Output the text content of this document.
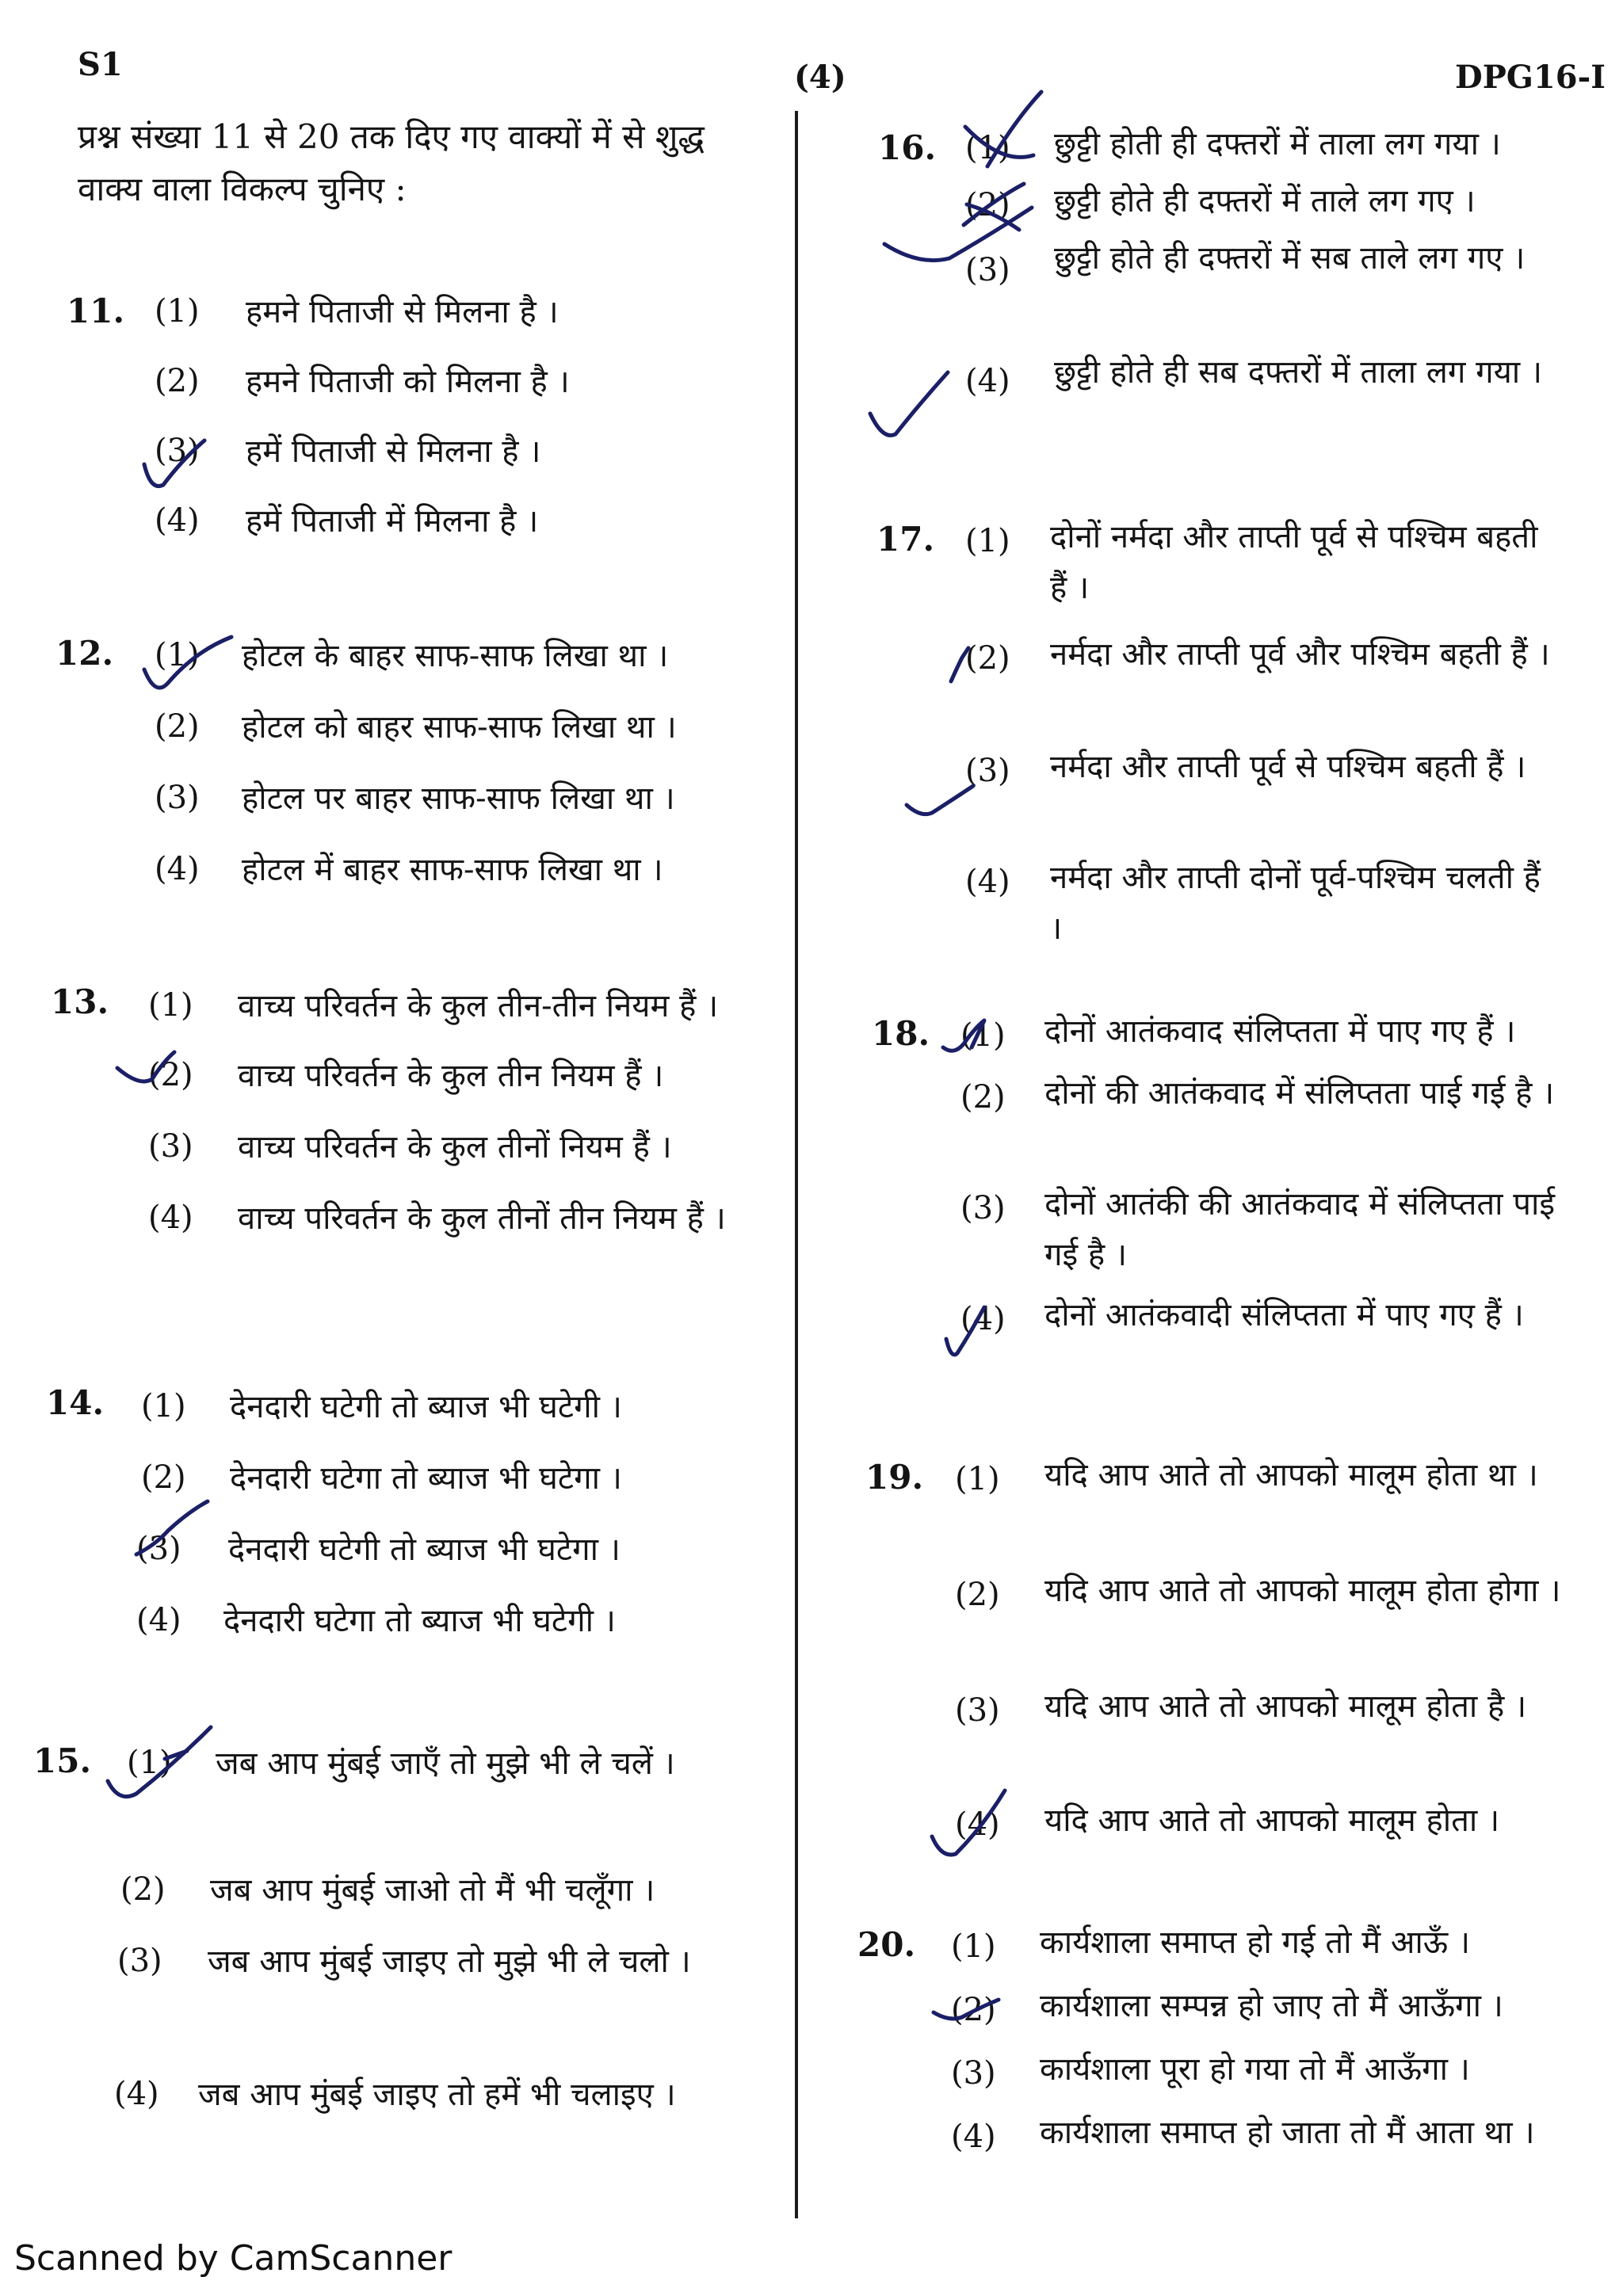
S1	(4)	DPG16-I
प्रश्न संख्या 11 से 20 तक दिए गए वाक्यों में से शुद्ध वाक्य वाला विकल्प चुनिए :
11. (1) हमने पिताजी से मिलना है ।
(2) हमने पिताजी को मिलना है ।
(3) हमें पिताजी से मिलना है ।
(4) हमें पिताजी में मिलना है ।
12. (1) होटल के बाहर साफ-साफ लिखा था ।
(2) होटल को बाहर साफ-साफ लिखा था ।
(3) होटल पर बाहर साफ-साफ लिखा था ।
(4) होटल में बाहर साफ-साफ लिखा था ।
13. (1) वाच्य परिवर्तन के कुल तीन-तीन नियम हैं ।
(2) वाच्य परिवर्तन के कुल तीन नियम हैं ।
(3) वाच्य परिवर्तन के कुल तीनों नियम हैं ।
(4) वाच्य परिवर्तन के कुल तीनों तीन नियम हैं ।
14. (1) देनदारी घटेगी तो ब्याज भी घटेगी ।
(2) देनदारी घटेगा तो ब्याज भी घटेगा ।
(3) देनदारी घटेगी तो ब्याज भी घटेगा ।
(4) देनदारी घटेगा तो ब्याज भी घटेगी ।
15. (1) जब आप मुंबई जाएँ तो मुझे भी ले चलें ।
(2) जब आप मुंबई जाओ तो मैं भी चलूँगा ।
(3) जब आप मुंबई जाइए तो मुझे भी ले चलो ।
(4) जब आप मुंबई जाइए तो हमें भी चलाइए ।
16. (1) छुट्टी होती ही दफ्तरों में ताला लग गया ।
(2) छुट्टी होते ही दफ्तरों में ताले लग गए ।
(3) छुट्टी होते ही दफ्तरों में सब ताले लग गए ।
(4) छुट्टी होते ही सब दफ्तरों में ताला लग गया ।
17. (1) दोनों नर्मदा और ताप्ती पूर्व से पश्चिम बहती हैं ।
(2) नर्मदा और ताप्ती पूर्व और पश्चिम बहती हैं ।
(3) नर्मदा और ताप्ती पूर्व से पश्चिम बहती हैं ।
(4) नर्मदा और ताप्ती दोनों पूर्व-पश्चिम चलती हैं ।
18. (1) दोनों आतंकवाद संलिप्तता में पाए गए हैं ।
(2) दोनों की आतंकवाद में संलिप्तता पाई गई है ।
(3) दोनों आतंकी की आतंकवाद में संलिप्तता पाई गई है ।
(4) दोनों आतंकवादी संलिप्तता में पाए गए हैं ।
19. (1) यदि आप आते तो आपको मालूम होता था ।
(2) यदि आप आते तो आपको मालूम होता होगा ।
(3) यदि आप आते तो आपको मालूम होता है ।
(4) यदि आप आते तो आपको मालूम होता ।
20. (1) कार्यशाला समाप्त हो गई तो मैं आऊँ ।
(2) कार्यशाला सम्पन्न हो जाए तो मैं आऊँगा ।
(3) कार्यशाला पूरा हो गया तो मैं आऊँगा ।
(4) कार्यशाला समाप्त हो जाता तो मैं आता था ।
Scanned by CamScanner
